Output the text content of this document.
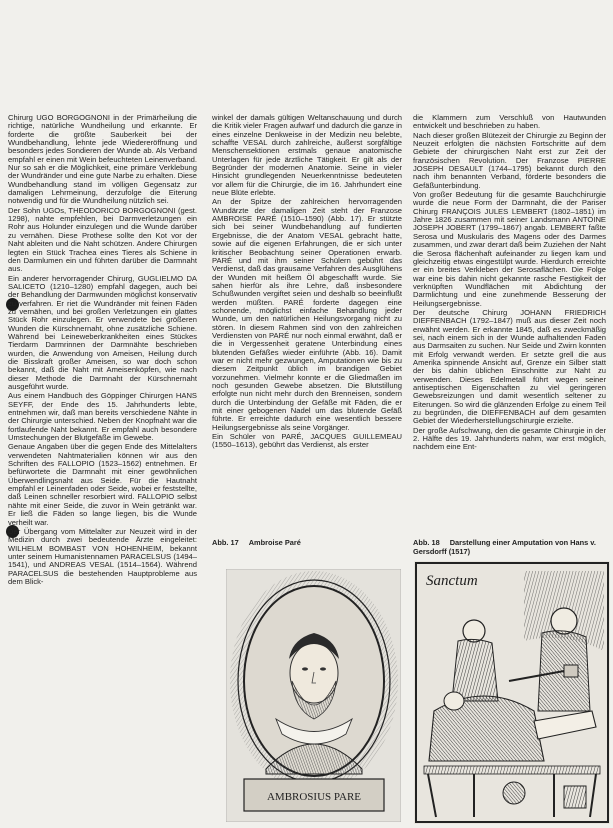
Chirurg UGO BORGOGNONI in der Primärheilung die richtige, natürliche Wundheilung und erkannte. Er forderte die größte Sauberkeit bei der Wundbehandlung, lehnte jede Wiedereröffnung und besonders jedes Sondieren der Wunde ab. Als Verband empfahl er einen mit Wein befeuchteten Leinenverband. Nur so sah er die Möglichkeit, eine primäre Verklebung der Wundränder und eine gute Narbe zu erhalten. Diese Wundbehandlung stand im völligen Gegensatz zur damaligen Lehrmeinung, derzufolge die Eiterung notwendig und für die Wundheilung nützlich sei.

Der Sohn UGOs, THEODORICO BORGOGNONI (gest. 1298), nahte empfehlen, bei Darmverletzungen ein Rohr aus Holunder einzulegen und die Wunde darüber zu vernähen. Diese Prothese sollte den Kot vor der Naht ableiten und die Naht schützen. Andere Chirurgen legten ein Stück Trachea eines Tieres als Schiene in den Darmlumen ein und führten darüber die Darmnaht aus.

Ein anderer hervorragender Chirurg, GUGLIELMO DA SALICETO (1210–1280) empfahl dagegen, auch bei der Behandlung der Darmwunden möglichst konservativ zu verfahren. Er riet die Wundränder mit feinen Fäden zu vernähen, und bei großen Verletzungen ein glattes Stück Rohr einzulegen. Er verwendete bei größeren Wunden die Kürschnernaht, ohne zusätzliche Schiene. Während bei Leineweberkrankheiten eines Stückes Tierdarm Darmrinnen der Darmnähte beschrieben wurden, die Anwendung von Ameisen, Heilung durch die Bisskraft großer Ameisen, so war doch schon bekannt, daß die Naht mit Ameisenköpfen, wie nach dieser Methode die Darmnaht der Kürschnernaht ausgeführt wurde.

Aus einem Handbuch des Göppinger Chirurgen HANS SEYFF, der Ende des 15. Jahrhunderts lebte, entnehmen wir, daß man bereits verschiedene Nähte in der Chirurgie unterschied. Neben der Knopfnaht war die fortlaufende Naht bekannt. Er empfahl auch besondere Umstechungen der Blutgefäße im Gewebe.

Genaue Angaben über die gegen Ende des Mittelalters verwendeten Nahtmaterialien können wir aus den Schriften des FALLOPIO (1523–1562) entnehmen. Er befürwortete die Darmnaht mit einer gewöhnlichen Überwendlingsnaht aus Seide. Für die Hautnaht empfahl er Leinenfaden oder Seide, wobei er feststellte, daß Leinen schneller resorbiert wird. FALLOPIO selbst nähte mit einer Seide, die zuvor in Wein getränkt war. Er ließ die Fäden so lange liegen, bis die Wunde verheilt war.

Der Übergang vom Mittelalter zur Neuzeit wird in der Medizin durch zwei bedeutende Ärzte eingeleitet: WILHELM BOMBAST VON HOHENHEIM, bekannt unter seinem Humanistennamen PARACELSUS (1494–1541), und ANDREAS VESAL (1514–1564). Während PARACELSUS die bestehenden Hauptprobleme aus dem Blick-

winkel der damals gültigen Weltanschauung und durch die Kritik vieler Fragen aufwarf und dadurch die ganze in eines einzelne Denkweise in der Medizin neu belebte, schaffte VESAL durch zahlreiche, äußerst sorgfältige Menschensektionen erstmals genaue anatomische Unterlagen für jede ärztliche Tätigkeit. Er gilt als der Begründer der modernen Anatomie. Seine in vieler Hinsicht grundlegenden Neuerkenntnisse bedeuteten vor allem für die Chirurgie, die im 16. Jahrhundert eine neue Blüte erlebte.

An der Spitze der zahlreichen hervorragenden Wundärzte der damaligen Zeit steht der Franzose AMBROISE PARÉ (1510–1590) (Abb. 17). Er stützte sich bei seiner Wundbehandlung auf fundierten Ergebnisse, die der Anatom VESAL gebracht hatte, sowie auf die eigenen Erfahrungen, die er sich unter kritischer Beobachtung seiner Operationen erwarb. PARÉ und mit ihm seiner Schülern gebührt das Verdienst, daß das grausame Verfahren des Ausglühens der Wunden mit heißem Öl abgeschafft wurde. Sie sahen hierfür als ihre Lehre, daß insbesondere Schußwunden vergiftet seien und deshalb so beeinflußt werden müßten. PARÉ forderte dagegen eine schonende, möglichst einfache Behandlung jeder Wunde, um den natürlichen Heilungsvorgang nicht zu stören. In diesem Rahmen sind von den zahlreichen Verdiensten von PARÉ nur noch einmal erwähnt, daß er die in Vergessenheit geratene Unterbindung eines blutenden Gefäßes wieder einführte (Abb. 16). Damit war er nicht mehr gezwungen, Amputationen wie bis zu diesem Zeitpunkt üblich im brandigen Gebiet vorzunehmen. Vielmehr konnte er die Gliedmaßen im noch gesunden Gewebe absetzen. Die Blutstillung erfolgte nun nicht mehr durch den Brenneisen, sondern durch die Unterbindung der Gefäße mit Fäden, die er mit einer gebogenen Nadel um das blutende Gefäß führte. Er erreichte dadurch eine wesentlich bessere Heilungsergebnisse als seine Vorgänger.

Ein Schüler von PARÉ, JACQUES GUILLEMEAU (1550–1613), gebührt das Verdienst, als erster

die Klammern zum Verschluß von Hautwunden entwickelt und beschrieben zu haben.

Nach dieser großen Blütezeit der Chirurgie zu Beginn der Neuzeit erfolgten die nächsten Fortschritte auf dem Gebiete der chirurgischen Naht erst zur Zeit der französischen Revolution. Der Franzose PIERRE JOSEPH DESAULT (1744–1795) bekannt durch den nach ihm benannten Verband, förderte besonders die Gefäßunterbindung.

Von großer Bedeutung für die gesamte Bauchchirurgie wurde die neue Form der Darmnaht, die der Pariser Chirurg FRANÇOIS JULES LEMBERT (1802–1851) im Jahre 1826 zusammen mit seiner Landsmann ANTOINE JOSEPH JOBERT (1799–1867) angab. LEMBERT faßte Serosa und Muskularis des Magens oder des Darmes zusammen, und zwar derart daß beim Zuziehen der Naht die Serosa flächenhaft aufeinander zu liegen kam und gleichzeitig etwas eingestülpt wurde. Hierdurch erreichte er ein breites Verkleben der Serosaflächen. Die Folge war eine bis dahin nicht gekannte rasche Festigkeit der verknüpften Wundflächen mit Abdichtung der Darmlichtung und eine zunehmende Besserung der Heilungsergebnisse.

Der deutsche Chirurg JOHANN FRIEDRICH DIEFFENBACH (1792–1847) muß aus dieser Zeit noch erwähnt werden. Er erkannte 1845, daß es zweckmäßig sei, nach einem sich in der Wunde aufhaltenden Faden aus Darmsaiten zu suchen. Nur Seide und Zwirn konnten mit Erfolg verwandt werden. Er setzte grell die aus Amerika spinnende Ansicht auf, Grenze ein Silber statt der bis dahin üblichen Einschnitte zur Naht zu verwenden. Dieses Edelmetall führt wegen seiner antiseptischen Eigenschaften zu viel geringeren Gewebsreizungen und damit wesentlich seltener zu Eiterungen. So wird die glänzenden Erfolge zu einem Teil zu begründen, die DIEFFENBACH auf dem gesamten Gebiet der Wiederherstellungschirurgie erzielte.

Der große Aufschwung, den die gesamte Chirurgie in der 2. Hälfte des 19. Jahrhunderts nahm, war erst möglich, nachdem eine Ent-

Abb. 17 Ambroise Paré	Abb. 18 Darstellung einer Amputation von Hans v. Gersdorff (1517)
AMBROSIUS PARE
Sanctum
